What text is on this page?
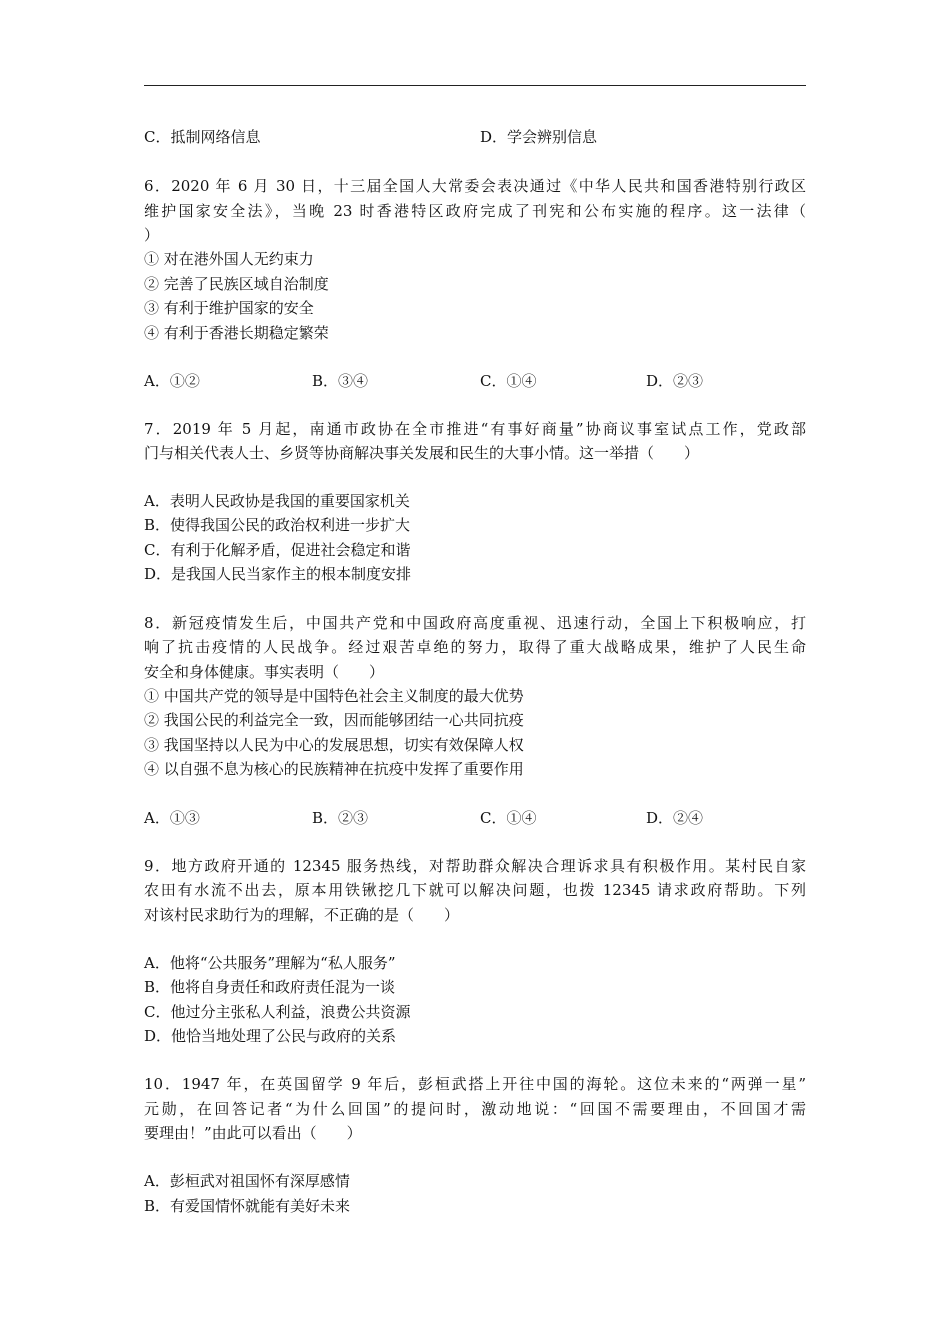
C．抵制网络信息	D．学会辨别信息
6．2020 年 6 月 30 日，十三届全国人大常委会表决通过《中华人民共和国香港特别行政区
维护国家安全法》，当晚 23 时香港特区政府完成了刊宪和公布实施的程序。这一法律（
）
① 对在港外国人无约束力
② 完善了民族区域自治制度
③ 有利于维护国家的安全
④ 有利于香港长期稳定繁荣
A．①②	B．③④	C．①④	D．②③
7．2019 年 5 月起，南通市政协在全市推进“有事好商量”协商议事室试点工作，党政部
门与相关代表人士、乡贤等协商解决事关发展和民生的大事小情。这一举措（　　）
A．表明人民政协是我国的重要国家机关
B．使得我国公民的政治权利进一步扩大
C．有利于化解矛盾，促进社会稳定和谐
D．是我国人民当家作主的根本制度安排
8．新冠疫情发生后，中国共产党和中国政府高度重视、迅速行动，全国上下积极响应，打
响了抗击疫情的人民战争。经过艰苦卓绝的努力，取得了重大战略成果，维护了人民生命
安全和身体健康。事实表明（　　）
① 中国共产党的领导是中国特色社会主义制度的最大优势
② 我国公民的利益完全一致，因而能够团结一心共同抗疫
③ 我国坚持以人民为中心的发展思想，切实有效保障人权
④ 以自强不息为核心的民族精神在抗疫中发挥了重要作用
A．①③	B．②③	C．①④	D．②④
9．地方政府开通的 12345 服务热线，对帮助群众解决合理诉求具有积极作用。某村民自家
农田有水流不出去，原本用铁锹挖几下就可以解决问题，也拨 12345 请求政府帮助。下列
对该村民求助行为的理解，不正确的是（　　）
A．他将“公共服务”理解为“私人服务”
B．他将自身责任和政府责任混为一谈
C．他过分主张私人利益，浪费公共资源
D．他恰当地处理了公民与政府的关系
10．1947 年，在英国留学 9 年后，彭桓武搭上开往中国的海轮。这位未来的“两弹一星”
元勋，在回答记者“为什么回国”的提问时，激动地说：“回国不需要理由，不回国才需
要理由！”由此可以看出（　　）
A．彭桓武对祖国怀有深厚感情
B．有爱国情怀就能有美好未来
